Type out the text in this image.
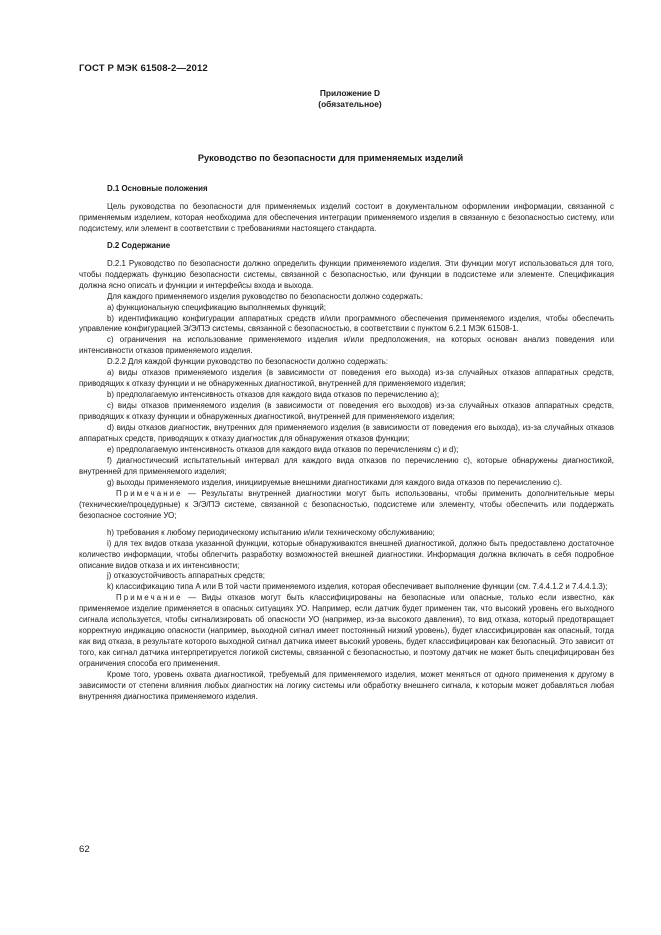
ГОСТ Р МЭК 61508-2—2012
Приложение D
(обязательное)
Руководство по безопасности для применяемых изделий
D.1 Основные положения

Цель руководства по безопасности для применяемых изделий состоит в документальном оформлении информации, связанной с применяемым изделием, которая необходима для обеспечения интеграции применяемого изделия в связанную с безопасностью систему, или подсистему, или элемент в соответствии с требованиями настоящего стандарта.

D.2 Содержание

D.2.1 Руководство по безопасности должно определить функции применяемого изделия. Эти функции могут использоваться для того, чтобы поддержать функцию безопасности системы, связанной с безопасностью, или функции в подсистеме или элементе. Спецификация должна ясно описать и функции и интерфейсы входа и выхода.

Для каждого применяемого изделия руководство по безопасности должно содержать:

a) функциональную спецификацию выполняемых функций;

b) идентификацию конфигурации аппаратных средств и/или программного обеспечения применяемого изделия, чтобы обеспечить управление конфигурацией Э/Э/ПЭ системы, связанной с безопасностью, в соответствии с пунктом 6.2.1 МЭК 61508-1.

c) ограничения на использование применяемого изделия и/или предположения, на которых основан анализ поведения или интенсивности отказов применяемого изделия.

D.2.2 Для каждой функции руководство по безопасности должно содержать:

a) виды отказов применяемого изделия (в зависимости от поведения его выхода) из-за случайных отказов аппаратных средств, приводящих к отказу функции и не обнаруженных диагностикой, внутренней для применяемого изделия;

b) предполагаемую интенсивность отказов для каждого вида отказов по перечислению a);

c) виды отказов применяемого изделия (в зависимости от поведения его выходов) из-за случайных отказов аппаратных средств, приводящих к отказу функции и обнаруженных диагностикой, внутренней для применяемого изделия;

d) виды отказов диагностик, внутренних для применяемого изделия (в зависимости от поведения его выхода), из-за случайных отказов аппаратных средств, приводящих к отказу диагностик для обнаружения отказов функции;

e) предполагаемую интенсивность отказов для каждого вида отказов по перечислениям c) и d);

f) диагностический испытательный интервал для каждого вида отказов по перечислению c), которые обнаружены диагностикой, внутренней для применяемого изделия;

g) выходы применяемого изделия, инициируемые внешними диагностиками для каждого вида отказов по перечислению c).

Примечание — Результаты внутренней диагностики могут быть использованы, чтобы применить дополнительные меры (технические/процедурные) к Э/Э/ПЭ системе, связанной с безопасностью, подсистеме или элементу, чтобы обеспечить или поддержать безопасное состояние УО;

h) требования к любому периодическому испытанию и/или техническому обслуживанию;

i) для тех видов отказа указанной функции, которые обнаруживаются внешней диагностикой, должно быть предоставлено достаточное количество информации, чтобы облегчить разработку возможностей внешней диагностики. Информация должна включать в себя подробное описание видов отказа и их интенсивности;

j) отказоустойчивость аппаратных средств;

k) классификацию типа A или B той части применяемого изделия, которая обеспечивает выполнение функции (см. 7.4.4.1.2 и 7.4.4.1.3);

Примечание — Виды отказов могут быть классифицированы на безопасные или опасные, только если известно, как применяемое изделие применяется в опасных ситуациях УО. Например, если датчик будет применен так, что высокий уровень его выходного сигнала используется, чтобы сигнализировать об опасности УО (например, из-за высокого давления), то вид отказа, который предотвращает корректную индикацию опасности (например, выходной сигнал имеет постоянный низкий уровень), будет классифицирован как опасный, тогда как вид отказа, в результате которого выходной сигнал датчика имеет высокий уровень, будет классифицирован как безопасный. Это зависит от того, как сигнал датчика интерпретируется логикой системы, связанной с безопасностью, и поэтому датчик не может быть специфицирован без ограничения способа его применения.

Кроме того, уровень охвата диагностикой, требуемый для применяемого изделия, может меняться от одного применения к другому в зависимости от степени влияния любых диагностик на логику системы или обработку внешнего сигнала, к которым может добавляться любая внутренняя диагностика применяемого изделия.

62
